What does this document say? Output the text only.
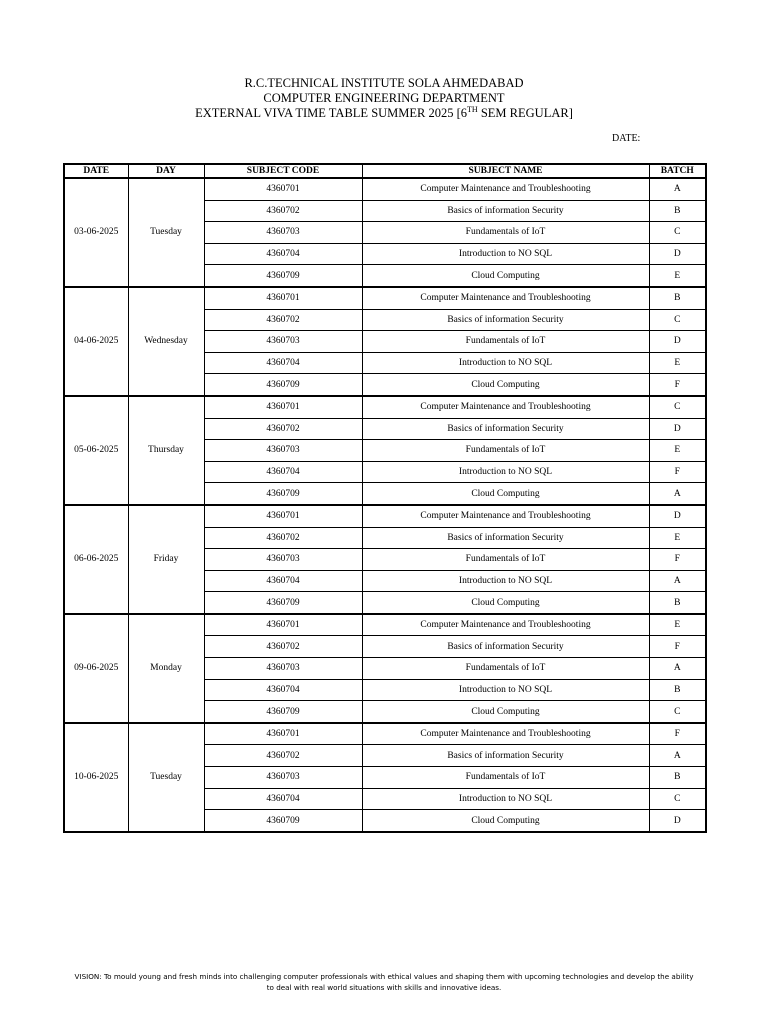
R.C.TECHNICAL INSTITUTE SOLA AHMEDABAD
COMPUTER ENGINEERING DEPARTMENT
EXTERNAL VIVA TIME TABLE SUMMER 2025 [6TH SEM REGULAR]
DATE:
DATE	DAY	SUBJECT CODE	SUBJECT NAME	BATCH
03-06-2025	Tuesday	4360701	Computer Maintenance and Troubleshooting	A
		4360702	Basics of information Security	B
		4360703	Fundamentals of IoT	C
		4360704	Introduction to NO SQL	D
		4360709	Cloud Computing	E
04-06-2025	Wednesday	4360701	Computer Maintenance and Troubleshooting	B
		4360702	Basics of information Security	C
		4360703	Fundamentals of IoT	D
		4360704	Introduction to NO SQL	E
		4360709	Cloud Computing	F
05-06-2025	Thursday	4360701	Computer Maintenance and Troubleshooting	C
		4360702	Basics of information Security	D
		4360703	Fundamentals of IoT	E
		4360704	Introduction to NO SQL	F
		4360709	Cloud Computing	A
06-06-2025	Friday	4360701	Computer Maintenance and Troubleshooting	D
		4360702	Basics of information Security	E
		4360703	Fundamentals of IoT	F
		4360704	Introduction to NO SQL	A
		4360709	Cloud Computing	B
09-06-2025	Monday	4360701	Computer Maintenance and Troubleshooting	E
		4360702	Basics of information Security	F
		4360703	Fundamentals of IoT	A
		4360704	Introduction to NO SQL	B
		4360709	Cloud Computing	C
10-06-2025	Tuesday	4360701	Computer Maintenance and Troubleshooting	F
		4360702	Basics of information Security	A
		4360703	Fundamentals of IoT	B
		4360704	Introduction to NO SQL	C
		4360709	Cloud Computing	D
VISION: To mould young and fresh minds into challenging computer professionals with ethical values and shaping them with upcoming technologies and develop the ability
to deal with real world situations with skills and innovative ideas.
